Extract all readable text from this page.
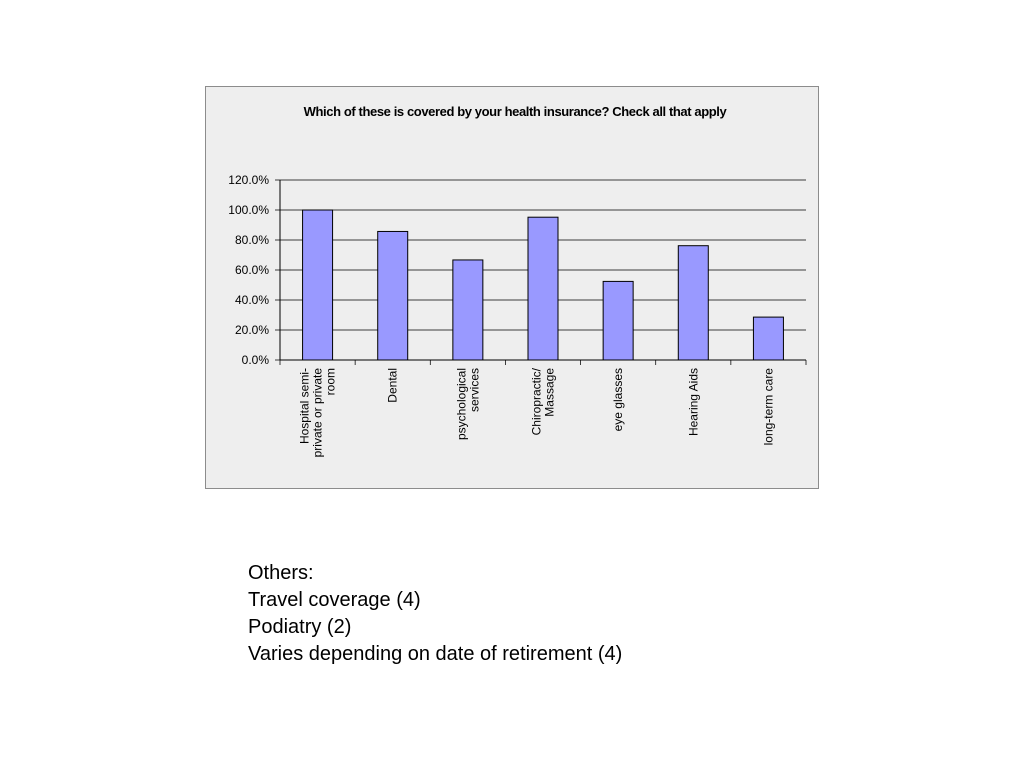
Which of these is covered by your health insurance? Check all that apply
0.0%
20.0%
40.0%
60.0%
80.0%
100.0%
120.0%
Hospital semi- private or private room	Dental	psychological services	Chiropractic/ Massage	eye glasses	Hearing Aids	long-term care
Others:
Travel coverage (4)
Podiatry (2)
Varies depending on date of retirement (4)
